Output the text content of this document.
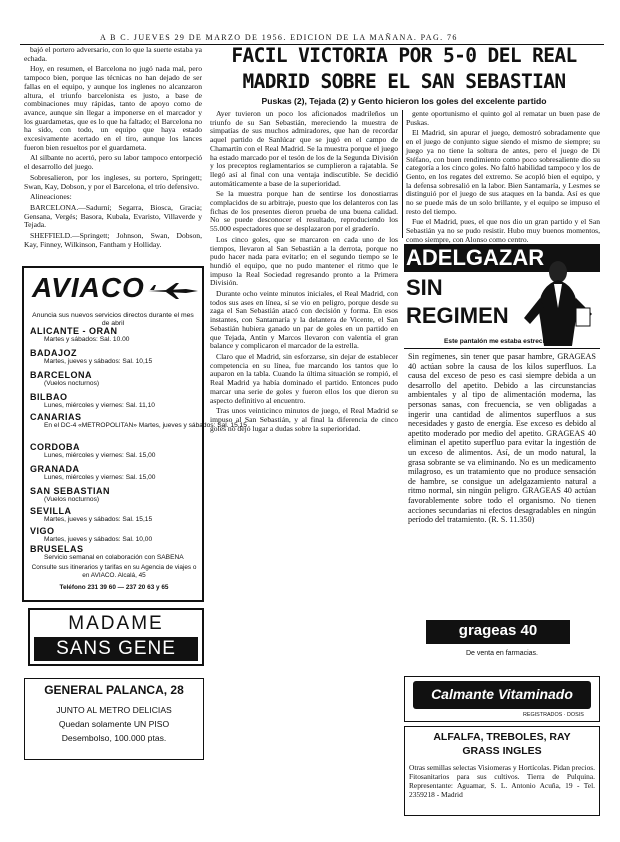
A B C. JUEVES 29 DE MARZO DE 1956. EDICION DE LA MAÑANA. PAG. 76

bajó el portero adversario, con lo que la suerte estaba ya echada.

Hoy, en resumen, el Barcelona no jugó nada mal, pero tampoco bien, porque las técnicas no han dejado de ser fallas en el equipo, y aunque los inglenes no alcanzaron altura, el triunfo barcelonista es justo, a base de combinaciones muy rápidas, tanto de apoyo como de avance, aunque sin llegar a imponerse en el marcador y los guardametas, que es lo que ha faltado; el Barcelona no ha sido, con todo, un equipo que haya estado excesivamente acertado en el tiro, aunque los lances fueron bien resueltos por el guardameta.

Al silbante no acertó, pero su labor tampoco entorpeció el desarrollo del juego.

Sobresalieron, por los ingleses, su portero, Springett; Swan, Kay, Dobson, y por el Barcelona, el trío defensivo.

Alineaciones:

BARCELONA.—Sadurní; Segarra, Biosca, Gracia; Gensana, Vergés; Basora, Kubala, Evaristo, Villaverde y Tejada.

SHEFFIELD.—Springett; Johnson, Swan, Dobson, Kay, Finney, Wilkinson, Fantham y Holliday.

AVIACO
Anuncia sus nuevos servicios directos durante el mes de abril
ALICANTE - ORAN
Martes y sábados: Sal. 10.00
BADAJOZ
Martes, jueves y sábados: Sal. 10,15
BARCELONA
(Vuelos nocturnos)
BILBAO
Lunes, miércoles y viernes: Sal. 11,10
CANARIAS
En el DC-4 «METROPOLITAN» Martes, jueves y sábados: Sal. 15,15
CORDOBA
Lunes, miércoles y viernes: Sal. 15,00
GRANADA
Lunes, miércoles y viernes: Sal. 15,00
SAN SEBASTIAN
(Vuelos nocturnos)
SEVILLA
Martes, jueves y sábados: Sal. 15,15
VIGO
Martes, jueves y sábados: Sal. 10,00
BRUSELAS
Servicio semanal en colaboración con SABENA
Consulte sus itinerarios y tarifas en su Agencia de viajes o en AVIACO. Alcalá, 45
Teléfono 231 39 60 — 237 20 63 y 65
MADAME
SANS GENE
GENERAL PALANCA, 28
JUNTO AL METRO DELICIAS
Quedan solamente UN PISO
Desembolso, 100.000 ptas.
FACIL VICTORIA POR 5-0 DEL REAL
MADRID SOBRE EL SAN SEBASTIAN
Puskas (2), Tejada (2) y Gento hicieron los goles del excelente partido

Ayer tuvieron un poco los aficionados madrileños un triunfo de su San Sebastián, mereciendo la muestra de simpatías de sus muchos admiradores, que han de recordar aquel partido de Sanlúcar que se jugó en el campo de Chamartín con el Real Madrid. Se la muestra porque el juego ha estado marcado por el tesón de los de la Segunda División y los preceptos reglamentarios se cumplieron a rajatabla. Se llegó así al final con una ventaja indiscutible. Se decidió automáticamente a base de la superioridad.

Se la muestra porque han de sentirse los donostiarras complacidos de su arbitraje, puesto que los delanteros con las fichas de los presentes dieron prueba de una buena calidad. No se puede desconocer el resultado, reproduciendo los 55.000 espectadores que se desplazaron por el graderío.

Los cinco goles, que se marcaron en cada uno de los tiempos, llevaron al San Sebastián a la derrota, porque no pudo hacer nada para evitarlo; en el segundo tiempo se le hundió el equipo, que no pudo mantener el ritmo que le impuso la Real Sociedad regresando pronto a la Primera División.

Durante ocho veinte minutos iniciales, el Real Madrid, con todos sus ases en línea, sí se vio en peligro, porque desde su zaga el San Sebastián atacó con decisión y forma. En esos instantes, con Santamaría y la delantera de Vicente, el San Sebastián hubiera ganado un par de goles en un partido en que Tejada, Antín y Marcos llevaron con valentía el gran balance y complicaron el marcador de la estrella.

Claro que el Madrid, sin esforzarse, sin dejar de establecer competencia en su línea, fue marcando los tantos que lo auparon en la tabla. Cuando la última situación se rompió, el Real Madrid ya había dominado el partido. Entonces pudo marcar una serie de goles y fueron ellos los que dieron su aspecto definitivo al encuentro.

Tras unos veinticinco minutos de juego, el Real Madrid se impuso al San Sebastián, y al final la diferencia de cinco goles no dejó lugar a dudas sobre la superioridad.

gente oportunismo el quinto gol al rematar un buen pase de Puskas.

El Madrid, sin apurar el juego, demostró sobradamente que en el juego de conjunto sigue siendo el mismo de siempre; su juego ya no tiene la soltura de antes, pero el juego de Di Stéfano, con buen rendimiento como poco sobresaliente dio su categoría a los cinco goles. No faltó habilidad tampoco y los de Gento, en los regates del extremo. Se acopló bien el equipo, y la defensa sobresalió en la labor. Bien Santamaría, y Lesmes se distinguió por el juego de sus ataques en la banda. Así es que no se puede más de un solo brillante, y el equipo se impuso el resto del tiempo.

Fue el Madrid, pues, el que nos dio un gran partido y el San Sebastián ya no se pudo resistir. Hubo muy buenos momentos, como siempre, con Alonso como centro.

ADELGAZAR
SIN
REGIMEN
Este pantalón me estaba estrecho
Sin regímenes, sin tener que pasar hambre, GRAGEAS 40 actúan sobre la causa de los kilos superfluos. La causa del exceso de peso es casi siempre debida a un desarrollo del apetito. Debido a las circunstancias ambientales y al tipo de alimentación moderna, las personas sanas, con frecuencia, se ven obligadas a ingerir una cantidad de alimentos superfluos a sus necesidades y gasto de energía. Ese exceso es debido al apetito moderado por medio del apetito. GRAGEAS 40 eliminan el apetito superfluo para evitar la ingestión de un exceso de alimentos. Así, de un modo natural, la grasa sobrante se va eliminando. No es un medicamento milagroso, es un tratamiento que no produce sensación de hambre, se consigue un adelgazamiento natural a ritmo normal, sin ningún peligro. GRAGEAS 40 actúan favorablemente sobre todo el organismo. No tienen acciones secundarias ni efectos desagradables en ningún período del tratamiento. (R. S. 11.350)
grageas 40
De venta en farmacias.
Calmante Vitaminado
REGISTRADOS · DOSIS
ALFALFA, TREBOLES, RAY
GRASS INGLES
Otras semillas selectas Visiomeras y Hortícolas. Pidan precios. Fitosanitarios para sus cultivos. Tierra de Pulquina. Representante: Aguamar, S. L. Antonio Acuña, 19 - Tel. 2359218 - Madrid
